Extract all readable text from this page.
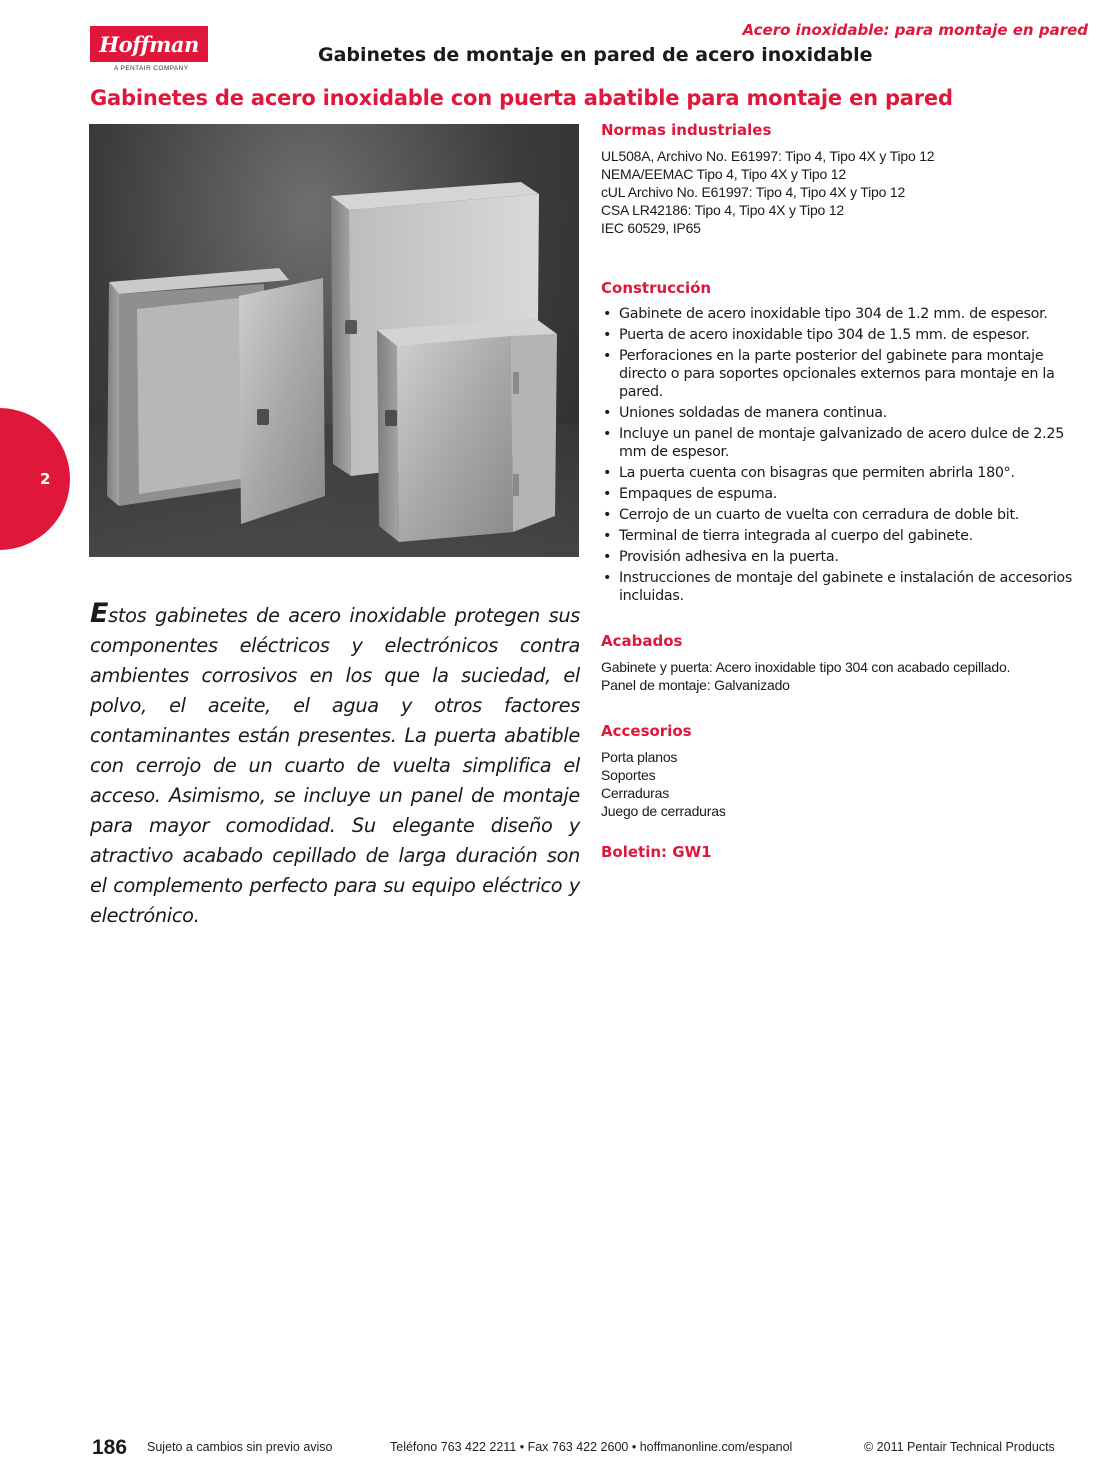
Hoffman
A PENTAIR COMPANY
Acero inoxidable: para montaje en pared
Gabinetes de montaje en pared de acero inoxidable
Gabinetes de acero inoxidable con puerta abatible para montaje en pared
2
Estos gabinetes de acero inoxidable protegen sus componentes eléctricos y electrónicos contra ambientes corrosivos en los que la suciedad, el polvo, el aceite, el agua y otros factores contaminantes están presentes. La puerta abatible con cerrojo de un cuarto de vuelta simplifica el acceso. Asimismo, se incluye un panel de montaje para mayor comodidad. Su elegante diseño y atractivo acabado cepillado de larga duración son el complemento perfecto para su equipo eléctrico y electrónico.
Normas industriales
UL508A, Archivo No. E61997: Tipo 4, Tipo 4X y Tipo 12
NEMA/EEMAC Tipo 4, Tipo 4X y Tipo 12
cUL Archivo No. E61997: Tipo 4, Tipo 4X y Tipo 12
CSA LR42186: Tipo 4, Tipo 4X y Tipo 12
IEC 60529, IP65
Construcción
• Gabinete de acero inoxidable tipo 304 de 1.2 mm. de espesor.
• Puerta de acero inoxidable tipo 304 de 1.5 mm. de espesor.
• Perforaciones en la parte posterior del gabinete para montaje directo o para soportes opcionales externos para montaje en la pared.
• Uniones soldadas de manera continua.
• Incluye un panel de montaje galvanizado de acero dulce de 2.25 mm de espesor.
• La puerta cuenta con bisagras que permiten abrirla 180°.
• Empaques de espuma.
• Cerrojo de un cuarto de vuelta con cerradura de doble bit.
• Terminal de tierra integrada al cuerpo del gabinete.
• Provisión adhesiva en la puerta.
• Instrucciones de montaje del gabinete e instalación de accesorios incluidas.
Acabados
Gabinete y puerta: Acero inoxidable tipo 304 con acabado cepillado.
Panel de montaje: Galvanizado
Accesorios
Porta planos
Soportes
Cerraduras
Juego de cerraduras
Boletin: GW1
186 Sujeto a cambios sin previo aviso	Teléfono 763 422 2211 • Fax 763 422 2600 • hoffmanonline.com/espanol	© 2011 Pentair Technical Products
